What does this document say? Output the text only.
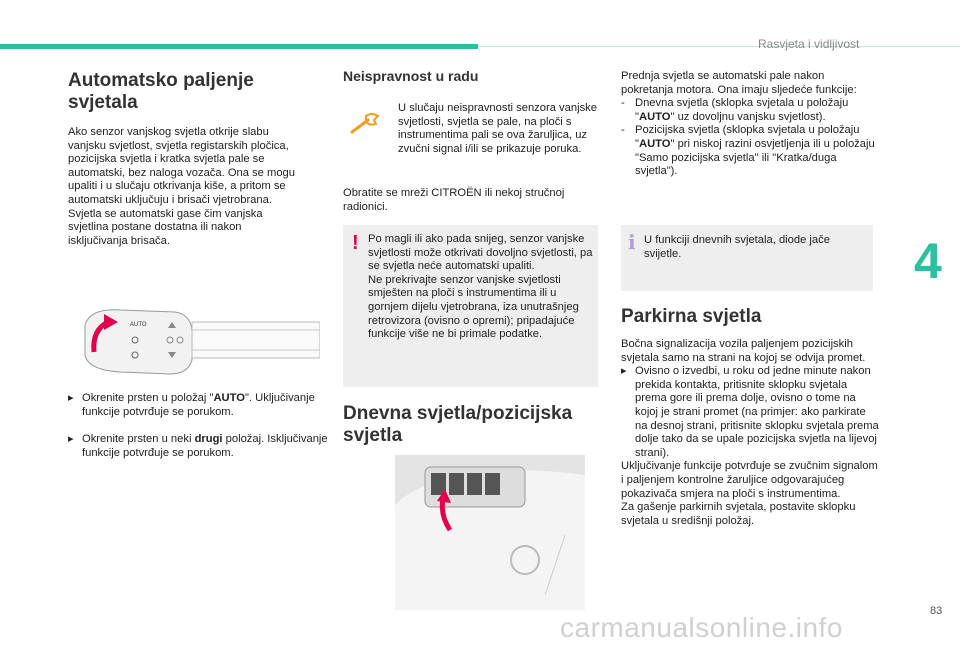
Rasvjeta i vidljivost
Automatsko paljenje svjetala

Ako senzor vanjskog svjetla otkrije slabu vanjsku svjetlost, svjetla registarskih pločica, pozicijska svjetla i kratka svjetla pale se automatski, bez naloga vozača. Ona se mogu upaliti i u slučaju otkrivanja kiše, a pritom se automatski uključuju i brisači vjetrobrana. Svjetla se automatski gase čim vanjska svjetlina postane dostatna ili nakon isključivanja brisača.

AUTO
▸ Okrenite prsten u položaj "AUTO". Uključivanje funkcije potvrđuje se porukom.
▸ Okrenite prsten u neki drugi položaj. Isključivanje funkcije potvrđuje se porukom.
Neispravnost u radu
U slučaju neispravnosti senzora vanjske svjetlosti, svjetla se pale, na ploči s instrumentima pali se ova žaruljica, uz zvučni signal i/ili se prikazuje poruka.
Obratite se mreži CITROËN ili nekoj stručnoj radionici.
! Po magli ili ako pada snijeg, senzor vanjske svjetlosti može otkrivati dovoljno svjetlosti, pa se svjetla neće automatski upaliti.

Ne prekrivajte senzor vanjske svjetlosti smješten na ploči s instrumentima ili u gornjem dijelu vjetrobrana, iza unutrašnjeg retrovizora (ovisno o opremi); pripadajuće funkcije više ne bi primale podatke.

Dnevna svjetla/pozicijska svjetla

Prednja svjetla se automatski pale nakon pokretanja motora. Ona imaju sljedeće funkcije:

- Dnevna svjetla (sklopka svjetala u položaju "AUTO" uz dovoljnu vanjsku svjetlost).
- Pozicijska svjetla (sklopka svjetala u položaju "AUTO" pri niskoj razini osvjetljenja ili u položaju "Samo pozicijska svjetla" ili "Kratka/duga svjetla").
i U funkciji dnevnih svjetala, diode jače svijetle.
Parkirna svjetla

Bočna signalizacija vozila paljenjem pozicijskih svjetala samo na strani na kojoj se odvija promet.

▸ Ovisno o izvedbi, u roku od jedne minute nakon prekida kontakta, pritisnite sklopku svjetala prema gore ili prema dolje, ovisno o tome na kojoj je strani promet (na primjer: ako parkirate na desnoj strani, pritisnite sklopku svjetala prema dolje tako da se upale pozicijska svjetla na lijevoj strani).

Uključivanje funkcije potvrđuje se zvučnim signalom i paljenjem kontrolne žaruljice odgovarajućeg pokazivača smjera na ploči s instrumentima.

Za gašenje parkirnih svjetala, postavite sklopku svjetala u središnji položaj.

4
83
carmanualsonline.info
